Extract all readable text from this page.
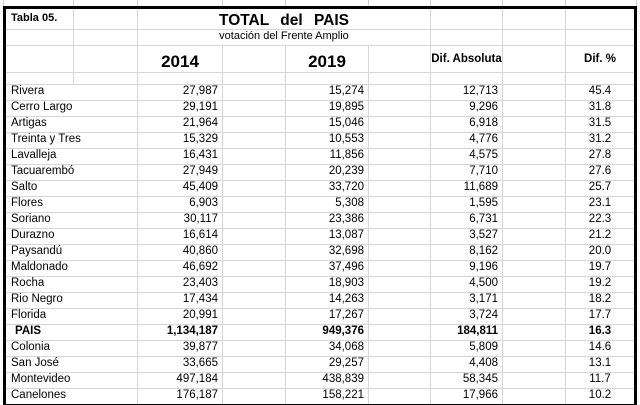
Tabla 05.		TOTAL del PAIS						
		votación del Frente Amplio						
		2014		2019		Dif. Absoluta		Dif. %

Rivera		27,987		15,274		12,713		45.4
Cerro Largo		29,191		19,895		9,296		31.8
Artigas		21,964		15,046		6,918		31.5
Treinta y Tres		15,329		10,553		4,776		31.2
Lavalleja		16,431		11,856		4,575		27.8
Tacuarembó		27,949		20,239		7,710		27.6
Salto		45,409		33,720		11,689		25.7
Flores		6,903		5,308		1,595		23.1
Soriano		30,117		23,386		6,731		22.3
Durazno		16,614		13,087		3,527		21.2
Paysandú		40,860		32,698		8,162		20.0
Maldonado		46,692		37,496		9,196		19.7
Rocha		23,403		18,903		4,500		19.2
Rio Negro		17,434		14,263		3,171		18.2
Florida		20,991		17,267		3,724		17.7
PAIS		1,134,187		949,376		184,811		16.3
Colonia		39,877		34,068		5,809		14.6
San José		33,665		29,257		4,408		13.1
Montevideo		497,184		438,839		58,345		11.7
Canelones		176,187		158,221		17,966		10.2
